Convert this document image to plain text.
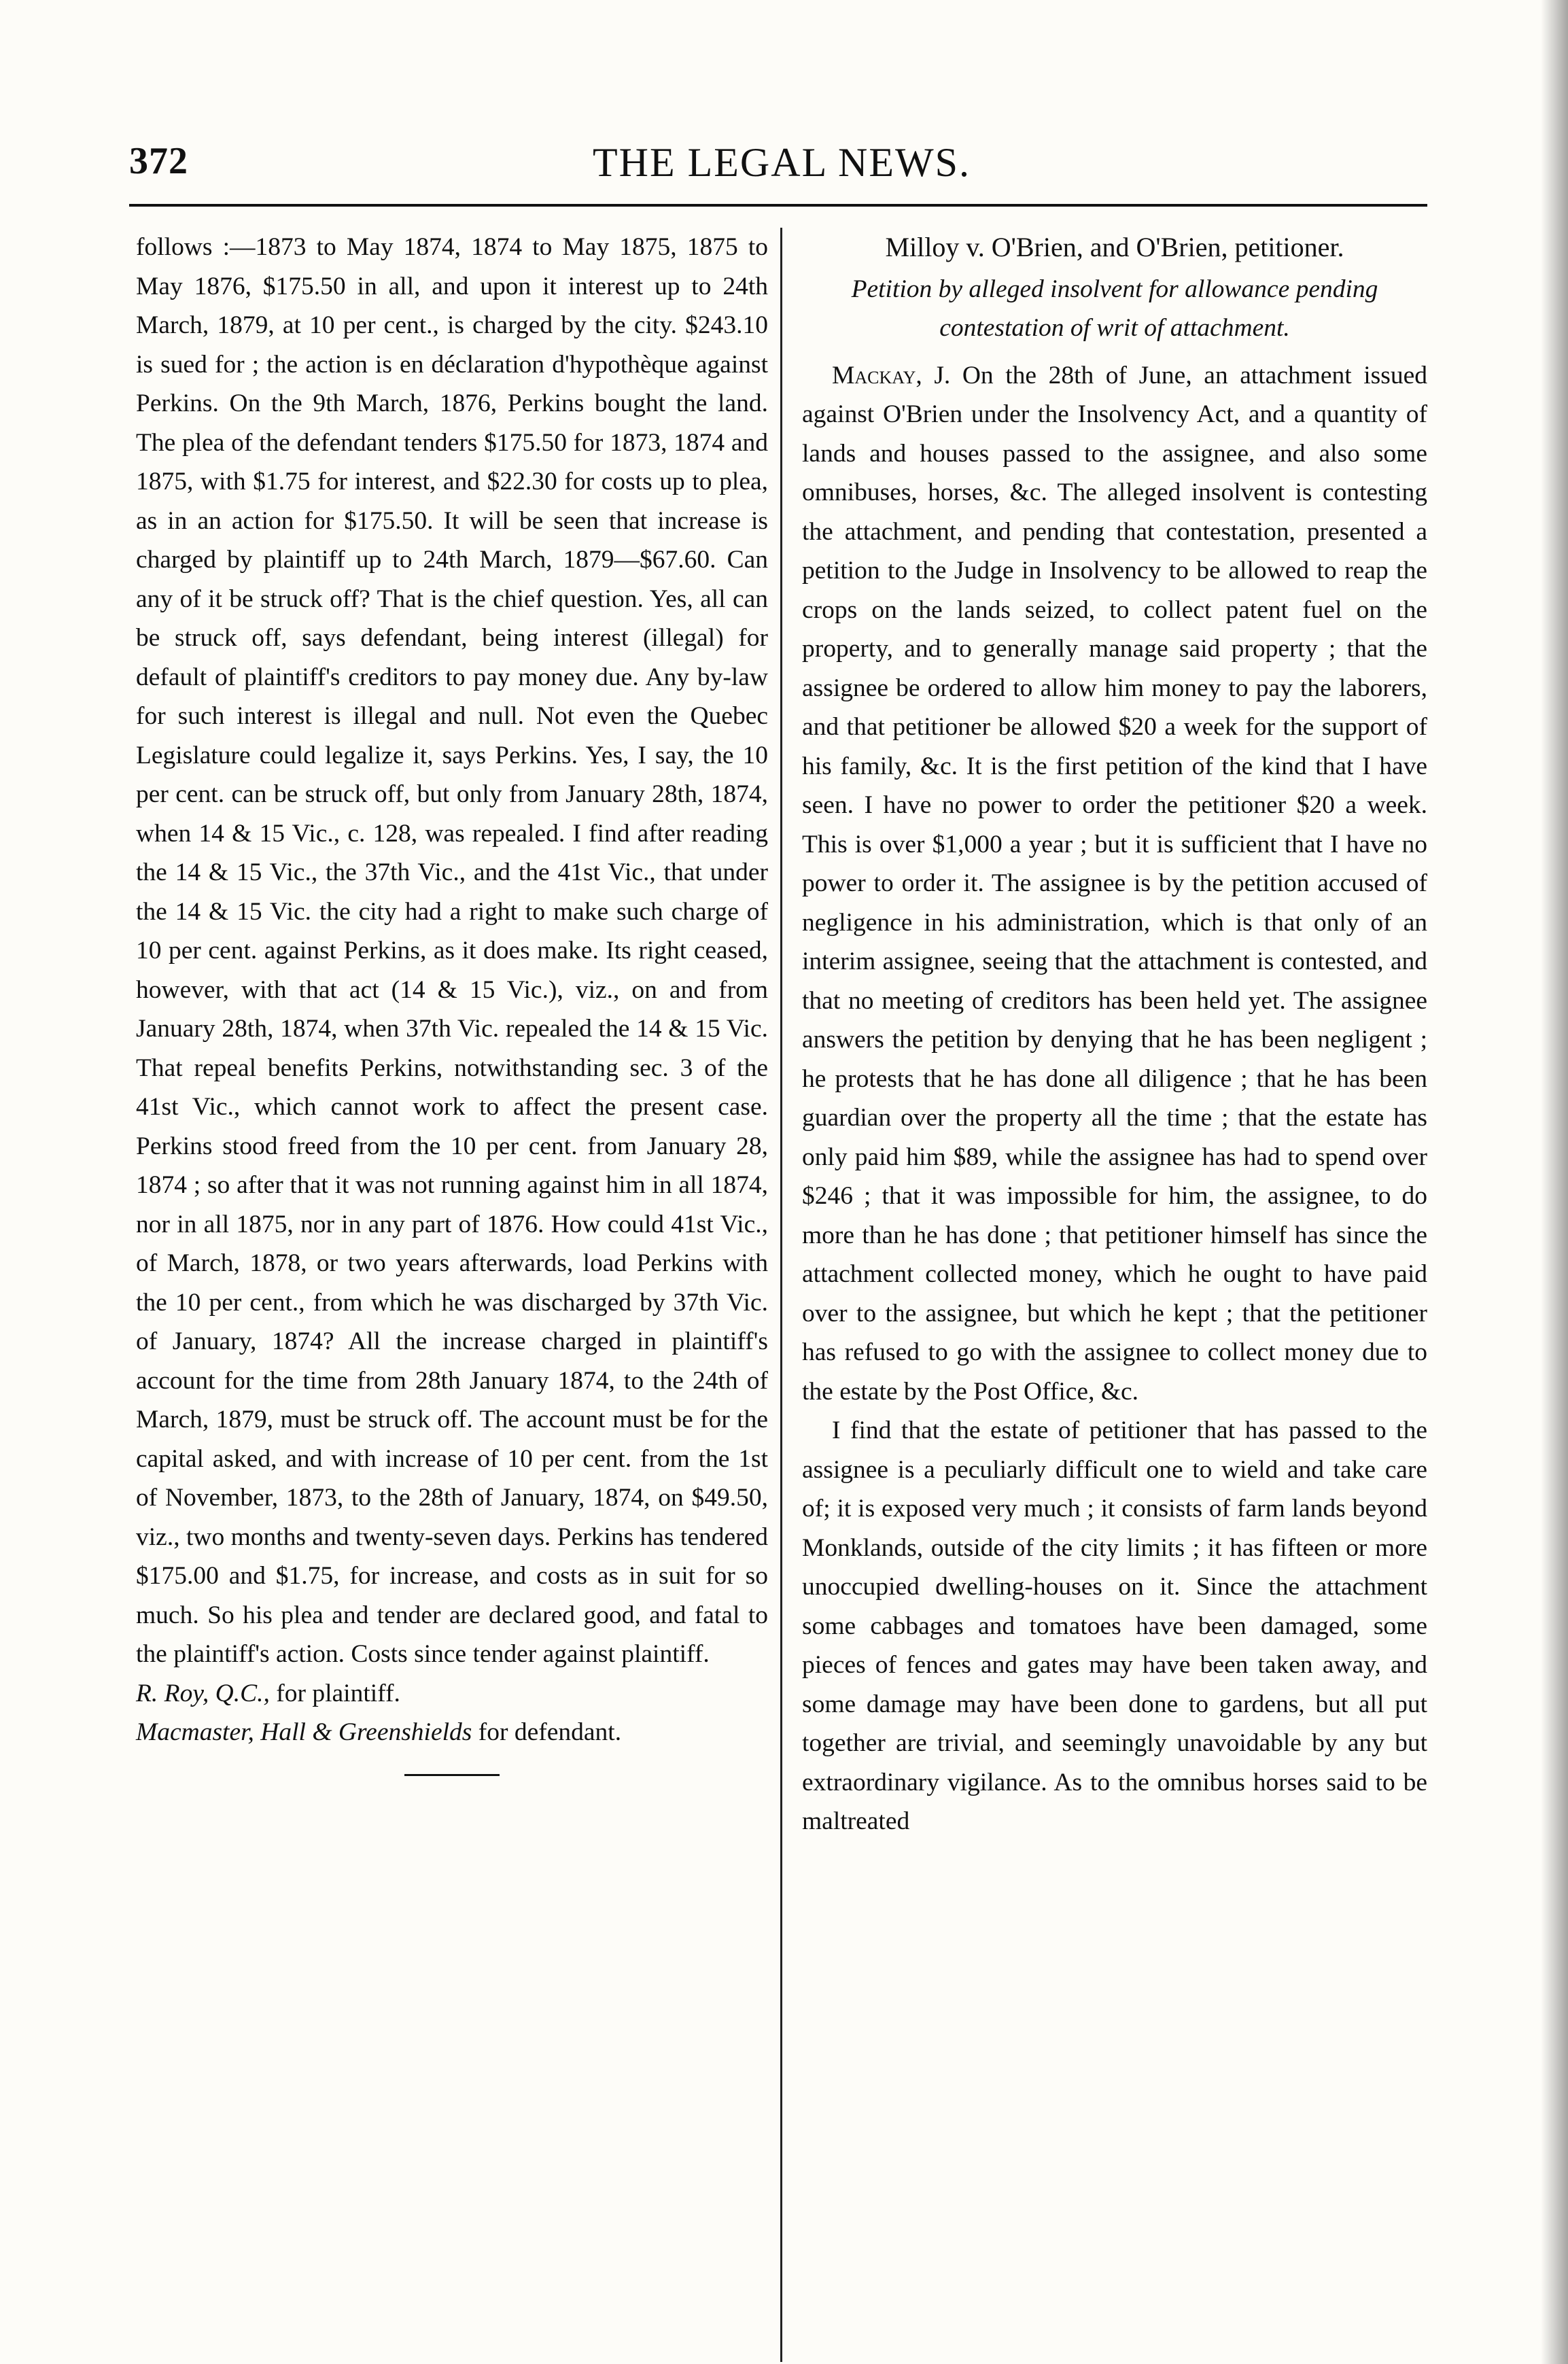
372	THE LEGAL NEWS.

follows :—1873 to May 1874, 1874 to May 1875, 1875 to May 1876, $175.50 in all, and upon it interest up to 24th March, 1879, at 10 per cent., is charged by the city. $243.10 is sued for ; the action is en déclaration d'hypothèque against Perkins. On the 9th March, 1876, Perkins bought the land. The plea of the defendant tenders $175.50 for 1873, 1874 and 1875, with $1.75 for interest, and $22.30 for costs up to plea, as in an action for $175.50. It will be seen that increase is charged by plaintiff up to 24th March, 1879—$67.60. Can any of it be struck off? That is the chief question. Yes, all can be struck off, says defendant, being interest (illegal) for default of plaintiff's creditors to pay money due. Any by-law for such interest is illegal and null. Not even the Quebec Legislature could legalize it, says Perkins. Yes, I say, the 10 per cent. can be struck off, but only from January 28th, 1874, when 14 & 15 Vic., c. 128, was repealed. I find after reading the 14 & 15 Vic., the 37th Vic., and the 41st Vic., that under the 14 & 15 Vic. the city had a right to make such charge of 10 per cent. against Perkins, as it does make. Its right ceased, however, with that act (14 & 15 Vic.), viz., on and from January 28th, 1874, when 37th Vic. repealed the 14 & 15 Vic. That repeal benefits Perkins, notwithstanding sec. 3 of the 41st Vic., which cannot work to affect the present case. Perkins stood freed from the 10 per cent. from January 28, 1874 ; so after that it was not running against him in all 1874, nor in all 1875, nor in any part of 1876. How could 41st Vic., of March, 1878, or two years afterwards, load Perkins with the 10 per cent., from which he was discharged by 37th Vic. of January, 1874? All the increase charged in plaintiff's account for the time from 28th January 1874, to the 24th of March, 1879, must be struck off. The account must be for the capital asked, and with increase of 10 per cent. from the 1st of November, 1873, to the 28th of January, 1874, on $49.50, viz., two months and twenty-seven days. Perkins has tendered $175.00 and $1.75, for increase, and costs as in suit for so much. So his plea and tender are declared good, and fatal to the plaintiff's action. Costs since tender against plaintiff.

R. Roy, Q.C., for plaintiff.

Macmaster, Hall & Greenshields for defendant.

Milloy v. O'Brien, and O'Brien, petitioner.

Petition by alleged insolvent for allowance pending contestation of writ of attachment.

Mackay, J. On the 28th of June, an attachment issued against O'Brien under the Insolvency Act, and a quantity of lands and houses passed to the assignee, and also some omnibuses, horses, &c. The alleged insolvent is contesting the attachment, and pending that contestation, presented a petition to the Judge in Insolvency to be allowed to reap the crops on the lands seized, to collect patent fuel on the property, and to generally manage said property ; that the assignee be ordered to allow him money to pay the laborers, and that petitioner be allowed $20 a week for the support of his family, &c. It is the first petition of the kind that I have seen. I have no power to order the petitioner $20 a week. This is over $1,000 a year ; but it is sufficient that I have no power to order it. The assignee is by the petition accused of negligence in his administration, which is that only of an interim assignee, seeing that the attachment is contested, and that no meeting of creditors has been held yet. The assignee answers the petition by denying that he has been negligent ; he protests that he has done all diligence ; that he has been guardian over the property all the time ; that the estate has only paid him $89, while the assignee has had to spend over $246 ; that it was impossible for him, the assignee, to do more than he has done ; that petitioner himself has since the attachment collected money, which he ought to have paid over to the assignee, but which he kept ; that the petitioner has refused to go with the assignee to collect money due to the estate by the Post Office, &c.

I find that the estate of petitioner that has passed to the assignee is a peculiarly difficult one to wield and take care of; it is exposed very much ; it consists of farm lands beyond Monklands, outside of the city limits ; it has fifteen or more unoccupied dwelling-houses on it. Since the attachment some cabbages and tomatoes have been damaged, some pieces of fences and gates may have been taken away, and some damage may have been done to gardens, but all put together are trivial, and seemingly unavoidable by any but extraordinary vigilance. As to the omnibus horses said to be maltreated
